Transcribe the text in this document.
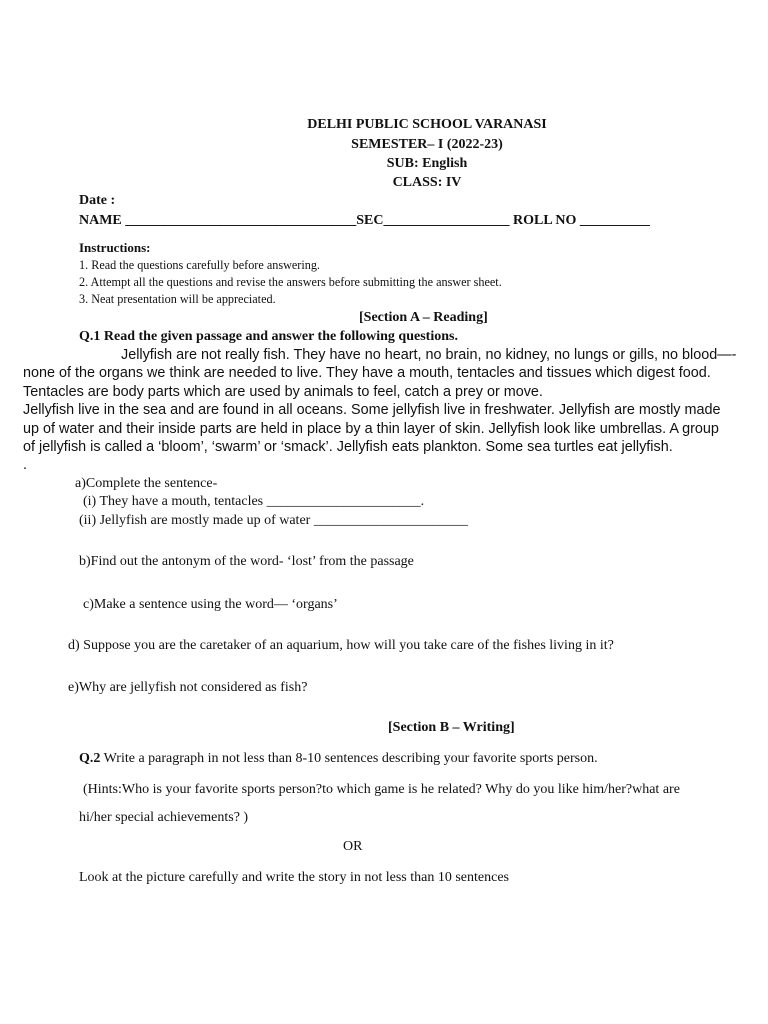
DELHI PUBLIC SCHOOL VARANASI
SEMESTER– I (2022-23)
SUB: English
CLASS: IV
Date :
NAME _________________________________SEC__________________ ROLL NO __________
Instructions:
1. Read the questions carefully before answering.
2. Attempt all the questions and revise the answers before submitting the answer sheet.
3. Neat presentation will be appreciated.
[Section A – Reading]
Q.1 Read the given passage and answer the following questions.
Jellyfish are not really fish. They have no heart, no brain, no kidney, no lungs or gills, no blood—-
none of the organs we think are needed to live. They have a mouth, tentacles and tissues which digest food.
Tentacles are body parts which are used by animals to feel, catch a prey or move.
Jellyfish live in the sea and are found in all oceans. Some jellyfish live in freshwater. Jellyfish are mostly made
up of water and their inside parts are held in place by a thin layer of skin. Jellyfish look like umbrellas. A group
of jellyfish is called a ‘bloom’, ‘swarm’ or ‘smack’. Jellyfish eats plankton. Some sea turtles eat jellyfish.
.
a)Complete the sentence-
(i) They have a mouth, tentacles ______________________.
(ii) Jellyfish are mostly made up of water ______________________
b)Find out the antonym of the word- ‘lost’ from the passage
c)Make a sentence using the word— ‘organs’
d) Suppose you are the caretaker of an aquarium, how will you take care of the fishes living in it?
e)Why are jellyfish not considered as fish?
[Section B – Writing]
Q.2 Write a paragraph in not less than 8-10 sentences describing your favorite sports person.
(Hints:Who is your favorite sports person?to which game is he related? Why do you like him/her?what are
hi/her special achievements? )
OR
Look at the picture carefully and write the story in not less than 10 sentences
